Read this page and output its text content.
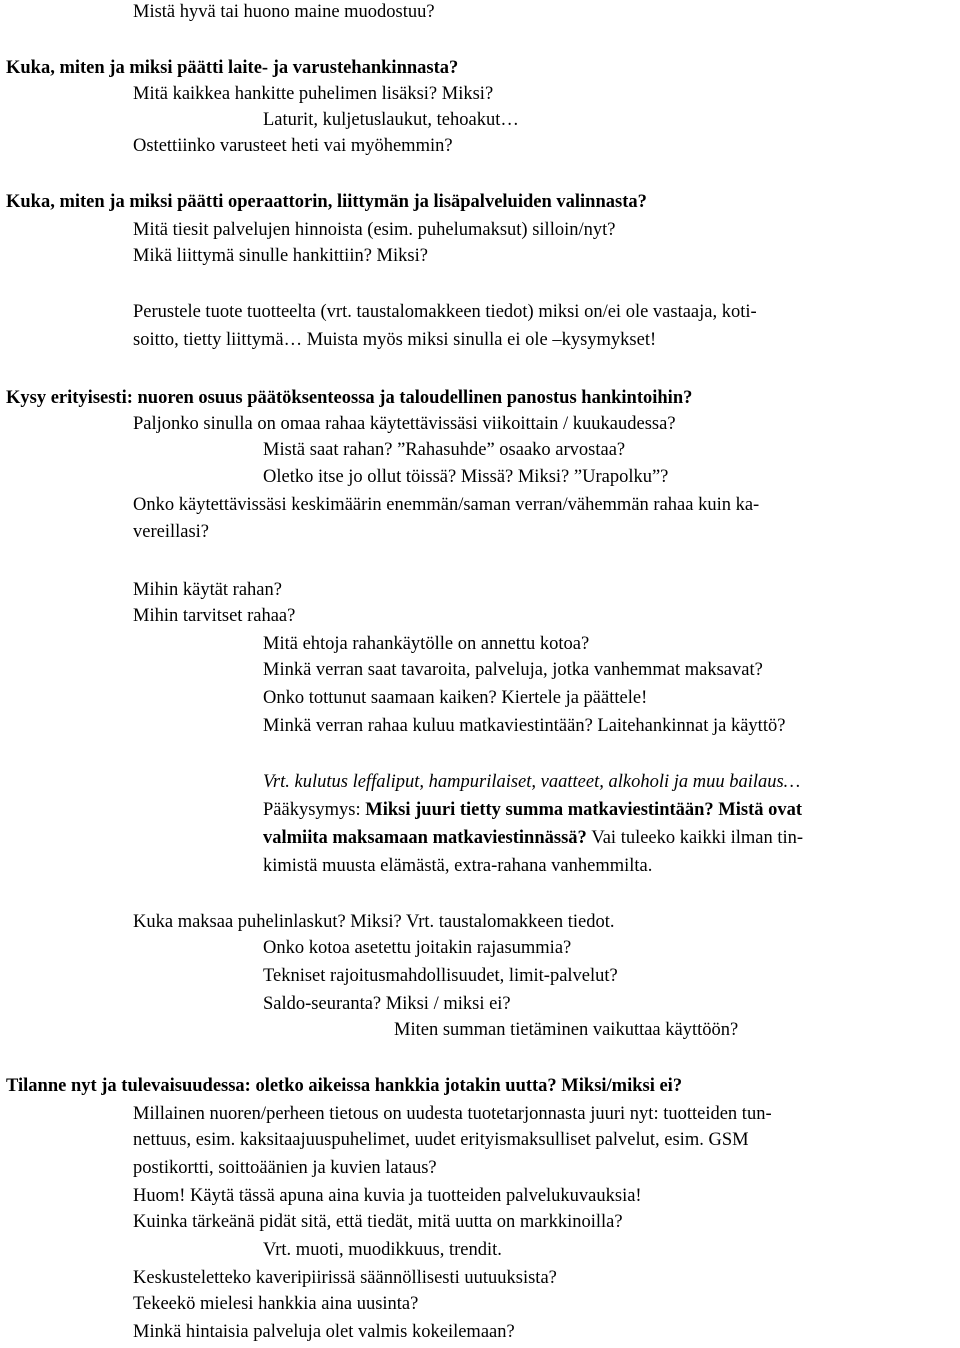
Mistä hyvä tai huono maine muodostuu?
Kuka, miten ja miksi päätti laite- ja varustehankinnasta?
Mitä kaikkea hankitte puhelimen lisäksi? Miksi?
Laturit, kuljetuslaukut, tehoakut…
Ostettiinko varusteet heti vai myöhemmin?
Kuka, miten ja miksi päätti operaattorin, liittymän ja lisäpalveluiden valinnasta?
Mitä tiesit palvelujen hinnoista (esim. puhelumaksut) silloin/nyt?
Mikä liittymä sinulle hankittiin? Miksi?
Perustele tuote tuotteelta (vrt. taustalomakkeen tiedot) miksi on/ei ole vastaaja, koti-
soitto, tietty liittymä… Muista myös miksi sinulla ei ole –kysymykset!
Kysy erityisesti: nuoren osuus päätöksenteossa ja taloudellinen panostus hankintoihin?
Paljonko sinulla on omaa rahaa käytettävissäsi viikoittain / kuukaudessa?
Mistä saat rahan? ”Rahasuhde” osaako arvostaa?
Oletko itse jo ollut töissä? Missä? Miksi? ”Urapolku”?
Onko käytettävissäsi keskimäärin enemmän/saman verran/vähemmän rahaa kuin ka-
vereillasi?
Mihin käytät rahan?
Mihin tarvitset rahaa?
Mitä ehtoja rahankäytölle on annettu kotoa?
Minkä verran saat tavaroita, palveluja, jotka vanhemmat maksavat?
Onko tottunut saamaan kaiken? Kiertele ja päättele!
Minkä verran rahaa kuluu matkaviestintään? Laitehankinnat ja käyttö?
Vrt. kulutus leffaliput, hampurilaiset, vaatteet, alkoholi ja muu bailaus…
Pääkysymys: Miksi juuri tietty summa matkaviestintään? Mistä ovat
valmiita maksamaan matkaviestinnässä? Vai tuleeko kaikki ilman tin-
kimistä muusta elämästä, extra-rahana vanhemmilta.
Kuka maksaa puhelinlaskut? Miksi? Vrt. taustalomakkeen tiedot.
Onko kotoa asetettu joitakin rajasummia?
Tekniset rajoitusmahdollisuudet, limit-palvelut?
Saldo-seuranta? Miksi / miksi ei?
Miten summan tietäminen vaikuttaa käyttöön?
Tilanne nyt ja tulevaisuudessa: oletko aikeissa hankkia jotakin uutta? Miksi/miksi ei?
Millainen nuoren/perheen tietous on uudesta tuotetarjonnasta juuri nyt: tuotteiden tun-
nettuus, esim. kaksitaajuuspuhelimet, uudet erityismaksulliset palvelut, esim. GSM
postikortti, soittoäänien ja kuvien lataus?
Huom! Käytä tässä apuna aina kuvia ja tuotteiden palvelukuvauksia!
Kuinka tärkeänä pidät sitä, että tiedät, mitä uutta on markkinoilla?
Vrt. muoti, muodikkuus, trendit.
Keskusteletteko kaveripiirissä säännöllisesti uutuuksista?
Tekeekö mielesi hankkia aina uusinta?
Minkä hintaisia palveluja olet valmis kokeilemaan?
